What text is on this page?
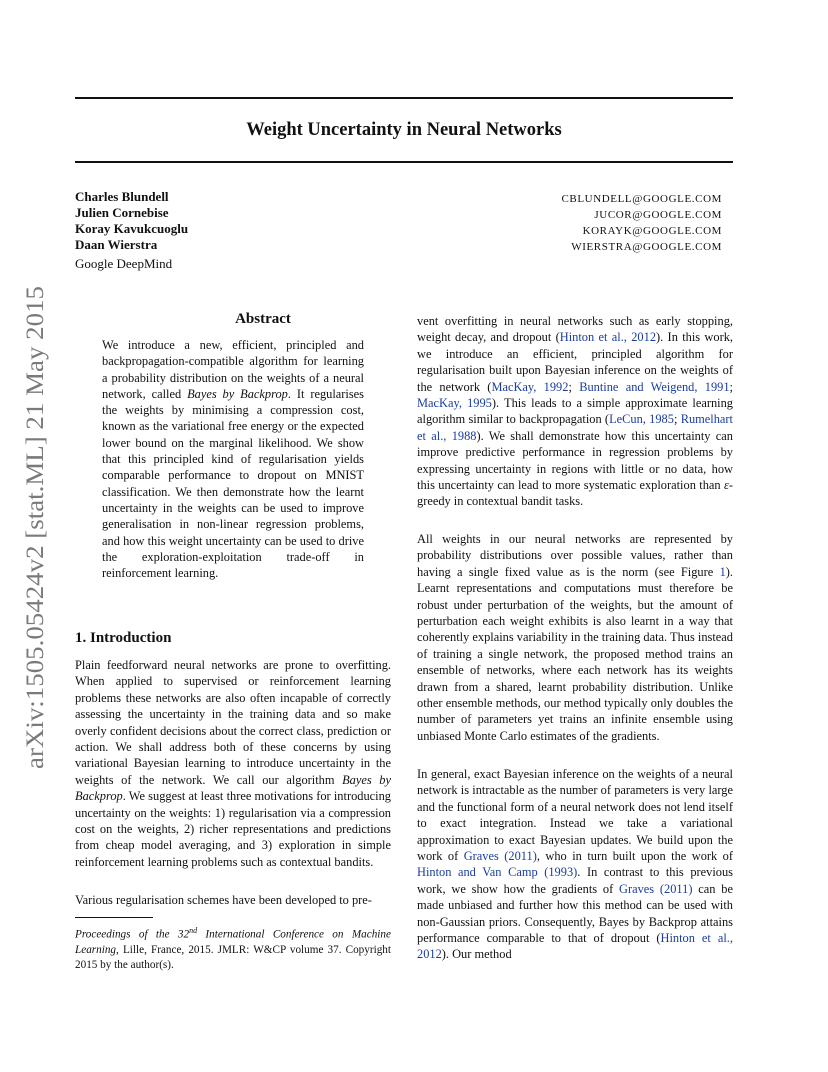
Weight Uncertainty in Neural Networks
Charles Blundell
Julien Cornebise
Koray Kavukcuoglu
Daan Wierstra
Google DeepMind
CBLUNDELL@GOOGLE.COM
JUCOR@GOOGLE.COM
KORAYK@GOOGLE.COM
WIERSTRA@GOOGLE.COM
arXiv:1505.05424v2 [stat.ML] 21 May 2015
Abstract
We introduce a new, efficient, principled and backpropagation-compatible algorithm for learning a probability distribution on the weights of a neural network, called Bayes by Backprop. It regularises the weights by minimising a compression cost, known as the variational free energy or the expected lower bound on the marginal likelihood. We show that this principled kind of regularisation yields comparable performance to dropout on MNIST classification. We then demonstrate how the learnt uncertainty in the weights can be used to improve generalisation in non-linear regression problems, and how this weight uncertainty can be used to drive the exploration-exploitation trade-off in reinforcement learning.
1. Introduction
Plain feedforward neural networks are prone to overfitting. When applied to supervised or reinforcement learning problems these networks are also often incapable of correctly assessing the uncertainty in the training data and so make overly confident decisions about the correct class, prediction or action. We shall address both of these concerns by using variational Bayesian learning to introduce uncertainty in the weights of the network. We call our algorithm Bayes by Backprop. We suggest at least three motivations for introducing uncertainty on the weights: 1) regularisation via a compression cost on the weights, 2) richer representations and predictions from cheap model averaging, and 3) exploration in simple reinforcement learning problems such as contextual bandits.
Various regularisation schemes have been developed to pre-
Proceedings of the 32nd International Conference on Machine Learning, Lille, France, 2015. JMLR: W&CP volume 37. Copyright 2015 by the author(s).
vent overfitting in neural networks such as early stopping, weight decay, and dropout (Hinton et al., 2012). In this work, we introduce an efficient, principled algorithm for regularisation built upon Bayesian inference on the weights of the network (MacKay, 1992; Buntine and Weigend, 1991; MacKay, 1995). This leads to a simple approximate learning algorithm similar to backpropagation (LeCun, 1985; Rumelhart et al., 1988). We shall demonstrate how this uncertainty can improve predictive performance in regression problems by expressing uncertainty in regions with little or no data, how this uncertainty can lead to more systematic exploration than ε-greedy in contextual bandit tasks.
All weights in our neural networks are represented by probability distributions over possible values, rather than having a single fixed value as is the norm (see Figure 1). Learnt representations and computations must therefore be robust under perturbation of the weights, but the amount of perturbation each weight exhibits is also learnt in a way that coherently explains variability in the training data. Thus instead of training a single network, the proposed method trains an ensemble of networks, where each network has its weights drawn from a shared, learnt probability distribution. Unlike other ensemble methods, our method typically only doubles the number of parameters yet trains an infinite ensemble using unbiased Monte Carlo estimates of the gradients.
In general, exact Bayesian inference on the weights of a neural network is intractable as the number of parameters is very large and the functional form of a neural network does not lend itself to exact integration. Instead we take a variational approximation to exact Bayesian updates. We build upon the work of Graves (2011), who in turn built upon the work of Hinton and Van Camp (1993). In contrast to this previous work, we show how the gradients of Graves (2011) can be made unbiased and further how this method can be used with non-Gaussian priors. Consequently, Bayes by Backprop attains performance comparable to that of dropout (Hinton et al., 2012). Our method
